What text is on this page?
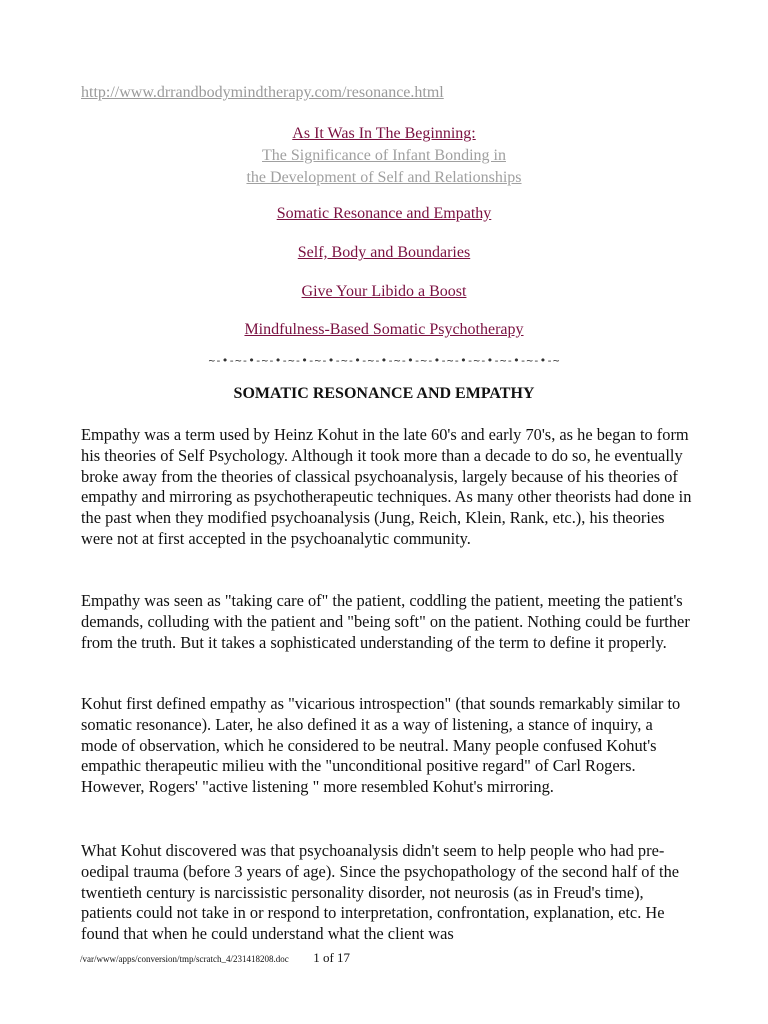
http://www.drrandbodymindtherapy.com/resonance.html
As It Was In The Beginning:
The Significance of Infant Bonding in
the Development of Self and Relationships
Somatic Resonance and Empathy
Self, Body and Boundaries
Give Your Libido a Boost
Mindfulness-Based Somatic Psychotherapy
~-•-~-•-~-•-~-•-~-•-~-•-~-•-~-•-~-•-~-•-~-•-~-•-~-•-~
SOMATIC RESONANCE AND EMPATHY
Empathy was a term used by Heinz Kohut in the late 60's and early 70's, as he began to form his theories of Self Psychology. Although it took more than a decade to do so, he eventually broke away from the theories of classical psychoanalysis, largely because of his theories of empathy and mirroring as psychotherapeutic techniques. As many other theorists had done in the past when they modified psychoanalysis (Jung, Reich, Klein, Rank, etc.), his theories were not at first accepted in the psychoanalytic community.
Empathy was seen as "taking care of" the patient, coddling the patient, meeting the patient's demands, colluding with the patient and "being soft" on the patient. Nothing could be further from the truth. But it takes a sophisticated understanding of the term to define it properly.
Kohut first defined empathy as "vicarious introspection" (that sounds remarkably similar to somatic resonance). Later, he also defined it as a way of listening, a stance of inquiry, a mode of observation, which he considered to be neutral. Many people confused Kohut's empathic therapeutic milieu with the "unconditional positive regard" of Carl Rogers. However, Rogers' "active listening " more resembled Kohut's mirroring.
What Kohut discovered was that psychoanalysis didn't seem to help people who had pre-oedipal trauma (before 3 years of age). Since the psychopathology of the second half of the twentieth century is narcissistic personality disorder, not neurosis (as in Freud's time), patients could not take in or respond to interpretation, confrontation, explanation, etc. He found that when he could understand what the client was
/var/www/apps/conversion/tmp/scratch_4/231418208.doc 1 of 17
